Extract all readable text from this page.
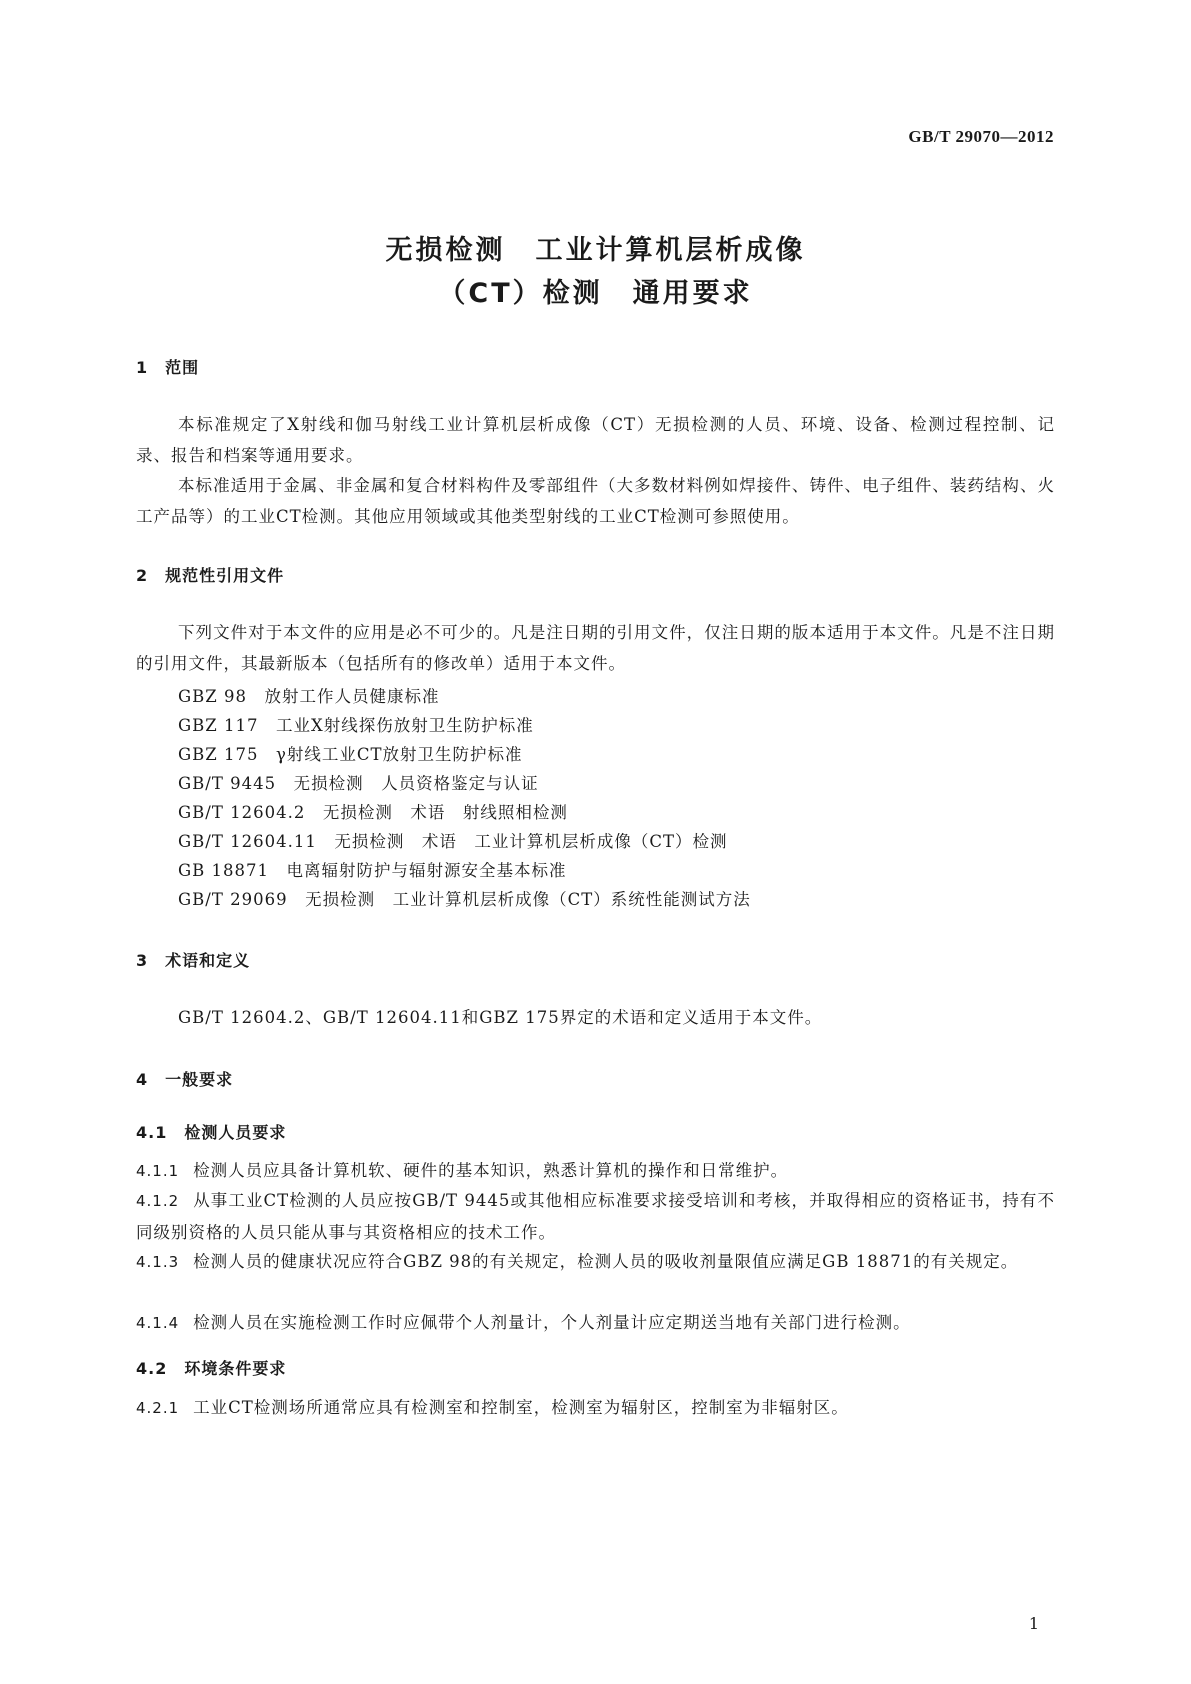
GB/T 29070—2012
无损检测　工业计算机层析成像
（CT）检测　通用要求
1　范围
本标准规定了X射线和伽马射线工业计算机层析成像（CT）无损检测的人员、环境、设备、检测过程控制、记录、报告和档案等通用要求。
本标准适用于金属、非金属和复合材料构件及零部组件（大多数材料例如焊接件、铸件、电子组件、装药结构、火工产品等）的工业CT检测。其他应用领域或其他类型射线的工业CT检测可参照使用。
2　规范性引用文件
下列文件对于本文件的应用是必不可少的。凡是注日期的引用文件，仅注日期的版本适用于本文件。凡是不注日期的引用文件，其最新版本（包括所有的修改单）适用于本文件。
GBZ 98　放射工作人员健康标准
GBZ 117　工业X射线探伤放射卫生防护标准
GBZ 175　γ射线工业CT放射卫生防护标准
GB/T 9445　无损检测　人员资格鉴定与认证
GB/T 12604.2　无损检测　术语　射线照相检测
GB/T 12604.11　无损检测　术语　工业计算机层析成像（CT）检测
GB 18871　电离辐射防护与辐射源安全基本标准
GB/T 29069　无损检测　工业计算机层析成像（CT）系统性能测试方法
3　术语和定义
GB/T 12604.2、GB/T 12604.11和GBZ 175界定的术语和定义适用于本文件。
4　一般要求
4.1　检测人员要求
4.1.1 检测人员应具备计算机软、硬件的基本知识，熟悉计算机的操作和日常维护。
4.1.2 从事工业CT检测的人员应按GB/T 9445或其他相应标准要求接受培训和考核，并取得相应的资格证书，持有不同级别资格的人员只能从事与其资格相应的技术工作。
4.1.3 检测人员的健康状况应符合GBZ 98的有关规定，检测人员的吸收剂量限值应满足GB 18871的有关规定。
4.1.4 检测人员在实施检测工作时应佩带个人剂量计，个人剂量计应定期送当地有关部门进行检测。
4.2　环境条件要求
4.2.1 工业CT检测场所通常应具有检测室和控制室，检测室为辐射区，控制室为非辐射区。
1
